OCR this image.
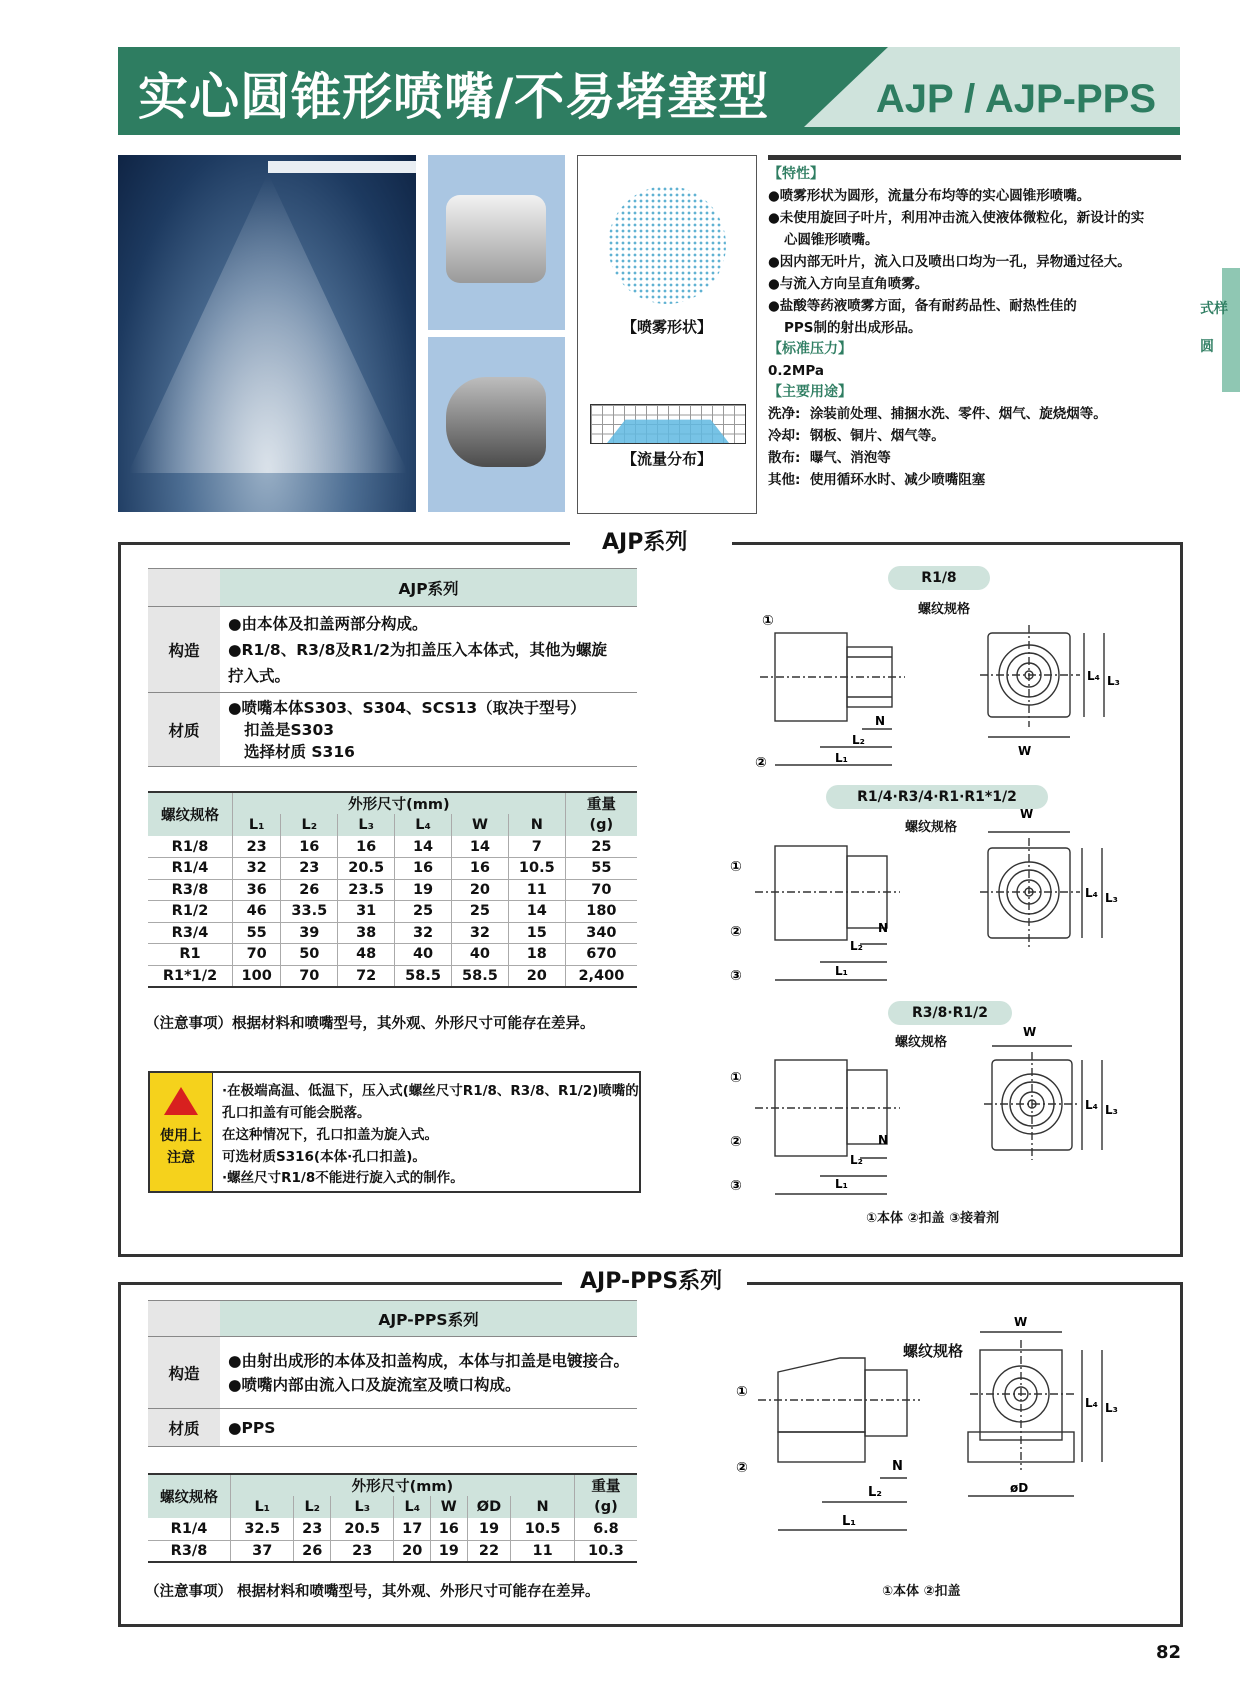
实心圆锥形喷嘴/不易堵塞型	AJP / AJP-PPS
【喷雾形状】
【流量分布】
【特性】
●喷雾形状为圆形，流量分布均等的实心圆锥形喷嘴。
●未使用旋回子叶片，利用冲击流入使液体微粒化，新设计的实
心圆锥形喷嘴。
●因内部无叶片，流入口及喷出口均为一孔，异物通过径大。
●与流入方向呈直角喷雾。
●盐酸等药液喷雾方面，备有耐药品性、耐热性佳的
PPS制的射出成形品。
【标准压力】
0.2MPa
【主要用途】
洗净: 涂装前处理、捕捆水洗、零件、烟气、旋烧烟等。
冷却: 钢板、铜片、烟气等。
散布: 曝气、消泡等
其他: 使用循环水时、减少喷嘴阻塞
式样
圆
AJP系列
	AJP系列
构造	●由本体及扣盖两部分构成。
●R1/8、R3/8及R1/2为扣盖压入本体式，其他为螺旋
拧入式。

材质	●喷嘴本体S303、S304、SCS13（取决于型号）
扣盖是S303
选择材质 S316
螺纹规格	外形尺寸(mm)						重量
	L₁	L₂	L₃	L₄	W	N	(g)
R1/8	23	16	16	14	14	7	25
R1/4	32	23	20.5	16	16	10.5	55
R3/8	36	26	23.5	19	20	11	70
R1/2	46	33.5	31	25	25	14	180
R3/4	55	39	38	32	32	15	340
R1	70	50	48	40	40	18	670
R1*1/2	100	70	72	58.5	58.5	20	2,400
（注意事项）根据材料和喷嘴型号，其外观、外形尺寸可能存在差异。
使用上
注意
·在极端高温、低温下，压入式(螺丝尺寸R1/8、R3/8、R1/2)喷嘴的
孔口扣盖有可能会脱落。
在这种情况下，孔口扣盖为旋入式。
可选材质S316(本体·孔口扣盖)。
·螺丝尺寸R1/8不能进行旋入式的制作。
R1/8
R1/4·R3/4·R1·R1*1/2
R3/8·R1/2
螺纹规格
螺纹规格
螺纹规格
①本体 ②扣盖 ③接着剂
①
②
N
L₂
L₁	W
L₄ L₃
①
②
③
N
L₂
L₁
W
L₄ L₃
①
②
③
N
L₂
L₁
W
L₄ L₃
AJP-PPS系列
	AJP-PPS系列
构造	●由射出成形的本体及扣盖构成，本体与扣盖是电镀接合。
●喷嘴内部由流入口及旋流室及喷口构成。

材质	●PPS
螺纹规格	外形尺寸(mm)							重量
	L₁	L₂	L₃	L₄	W	ØD	N	(g)
R1/4	32.5	23	20.5	17	16	19	10.5	6.8
R3/8	37	26	23	20	19	22	11	10.3
（注意事项） 根据材料和喷嘴型号，其外观、外形尺寸可能存在差异。
螺纹规格
①本体 ②扣盖
①
②	N
L₂
L₁
W
øD
L₄ L₃
82
